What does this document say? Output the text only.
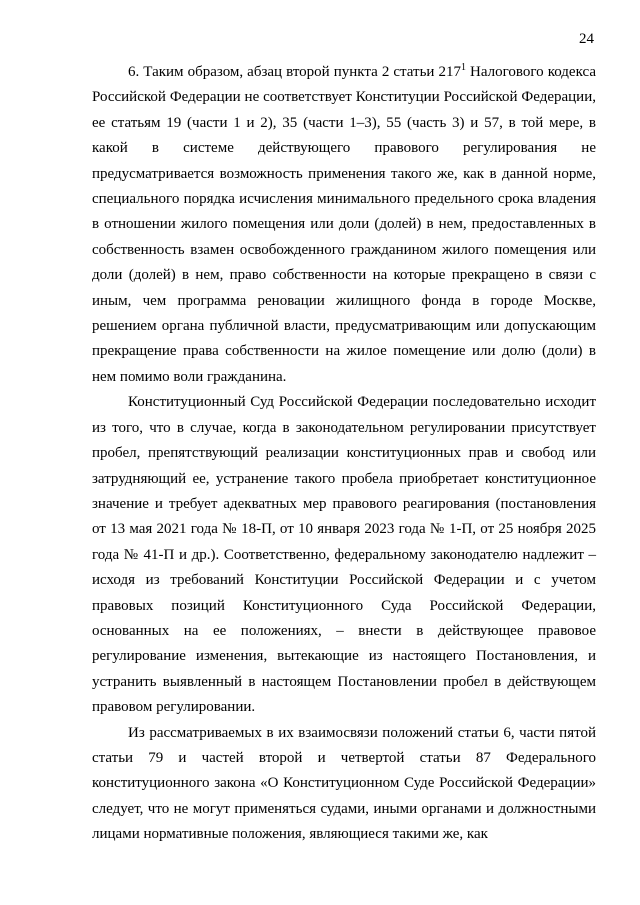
24

6. Таким образом, абзац второй пункта 2 статьи $217^1$ Налогового кодекса Российской Федерации не соответствует Конституции Российской Федерации, ее статьям 19 (части 1 и 2), 35 (части 1–3), 55 (часть 3) и 57, в той мере, в какой в системе действующего правового регулирования не предусматривается возможность применения такого же, как в данной норме, специального порядка исчисления минимального предельного срока владения в отношении жилого помещения или доли (долей) в нем, предоставленных в собственность взамен освобожденного гражданином жилого помещения или доли (долей) в нем, право собственности на которые прекращено в связи с иным, чем программа реновации жилищного фонда в городе Москве, решением органа публичной власти, предусматривающим или допускающим прекращение права собственности на жилое помещение или долю (доли) в нем помимо воли гражданина.

Конституционный Суд Российской Федерации последовательно исходит из того, что в случае, когда в законодательном регулировании присутствует пробел, препятствующий реализации конституционных прав и свобод или затрудняющий ее, устранение такого пробела приобретает конституционное значение и требует адекватных мер правового реагирования (постановления от 13 мая 2021 года № 18-П, от 10 января 2023 года № 1-П, от 25 ноября 2025 года № 41-П и др.). Соответственно, федеральному законодателю надлежит – исходя из требований Конституции Российской Федерации и с учетом правовых позиций Конституционного Суда Российской Федерации, основанных на ее положениях, – внести в действующее правовое регулирование изменения, вытекающие из настоящего Постановления, и устранить выявленный в настоящем Постановлении пробел в действующем правовом регулировании.

Из рассматриваемых в их взаимосвязи положений статьи 6, части пятой статьи 79 и частей второй и четвертой статьи 87 Федерального конституционного закона «О Конституционном Суде Российской Федерации» следует, что не могут применяться судами, иными органами и должностными лицами нормативные положения, являющиеся такими же, как
